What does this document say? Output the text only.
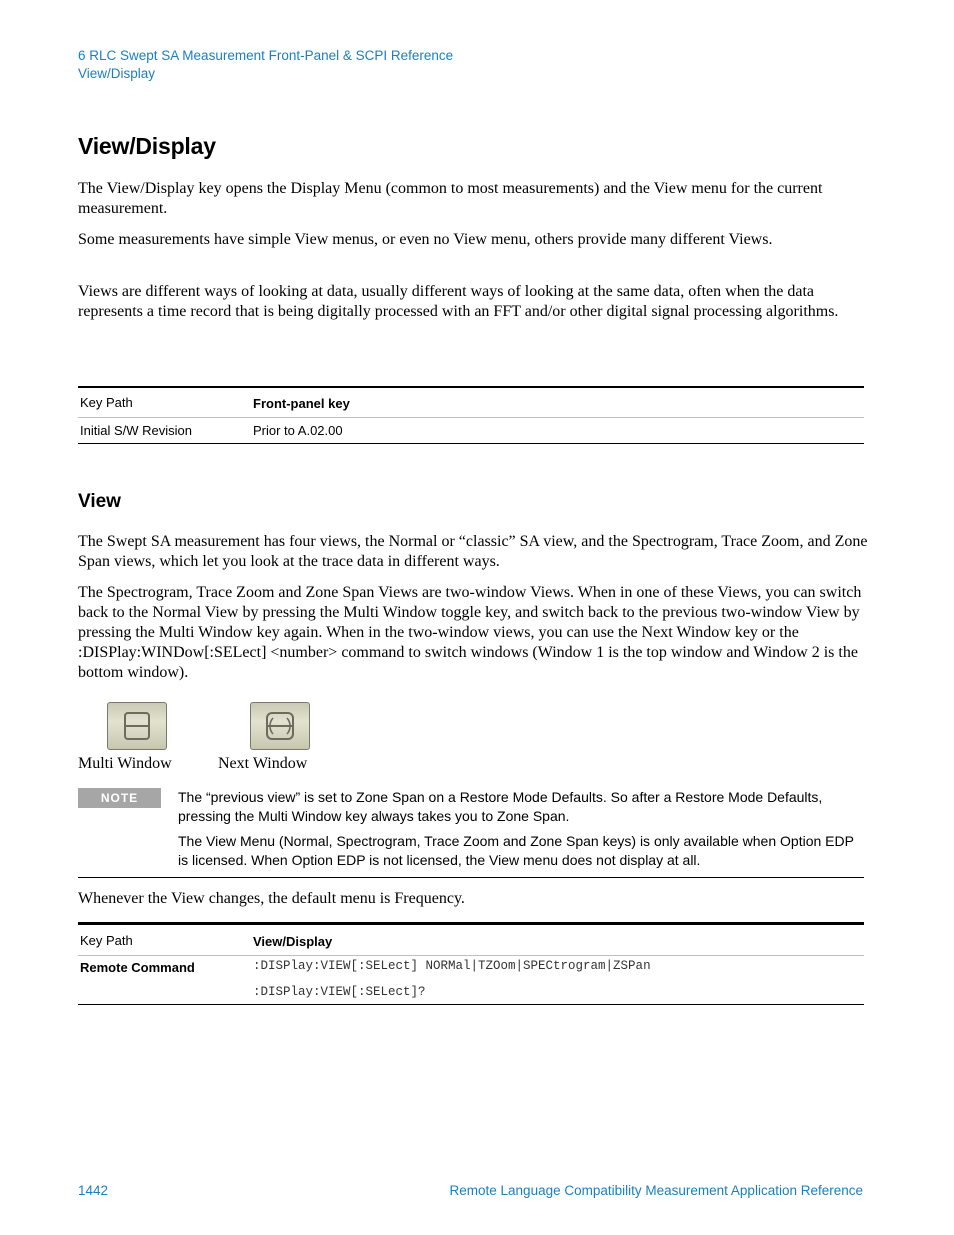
6 RLC Swept SA Measurement Front-Panel & SCPI Reference
View/Display
View/Display

The View/Display key opens the Display Menu (common to most measurements) and the View menu for the current measurement.

Some measurements have simple View menus, or even no View menu, others provide many different Views.

Views are different ways of looking at data, usually different ways of looking at the same data, often when the data represents a time record that is being digitally processed with an FFT and/or other digital signal processing algorithms.

Key Path	Front-panel key
Initial S/W Revision	Prior to A.02.00
View

The Swept SA measurement has four views, the Normal or “classic” SA view, and the Spectrogram, Trace Zoom, and Zone Span views, which let you look at the trace data in different ways.

The Spectrogram, Trace Zoom and Zone Span Views are two-window Views. When in one of these Views, you can switch back to the Normal View by pressing the Multi Window toggle key, and switch back to the previous two-window View by pressing the Multi Window key again. When in the two-window views, you can use the Next Window key or the :DISPlay:WINDow[:SELect] <number> command to switch windows (Window 1 is the top window and Window 2 is the bottom window).

Multi Window	Next Window
NOTE	The “previous view” is set to Zone Span on a Restore Mode Defaults. So after a Restore Mode Defaults, pressing the Multi Window key always takes you to Zone Span.

The View Menu (Normal, Spectrogram, Trace Zoom and Zone Span keys) is only available when Option EDP is licensed. When Option EDP is not licensed, the View menu does not display at all.

Whenever the View changes, the default menu is Frequency.

Key Path	View/Display
Remote Command	:DISPlay:VIEW[:SELect] NORMal|TZOom|SPECtrogram|ZSPan
:DISPlay:VIEW[:SELect]?
1442	Remote Language Compatibility Measurement Application Reference
